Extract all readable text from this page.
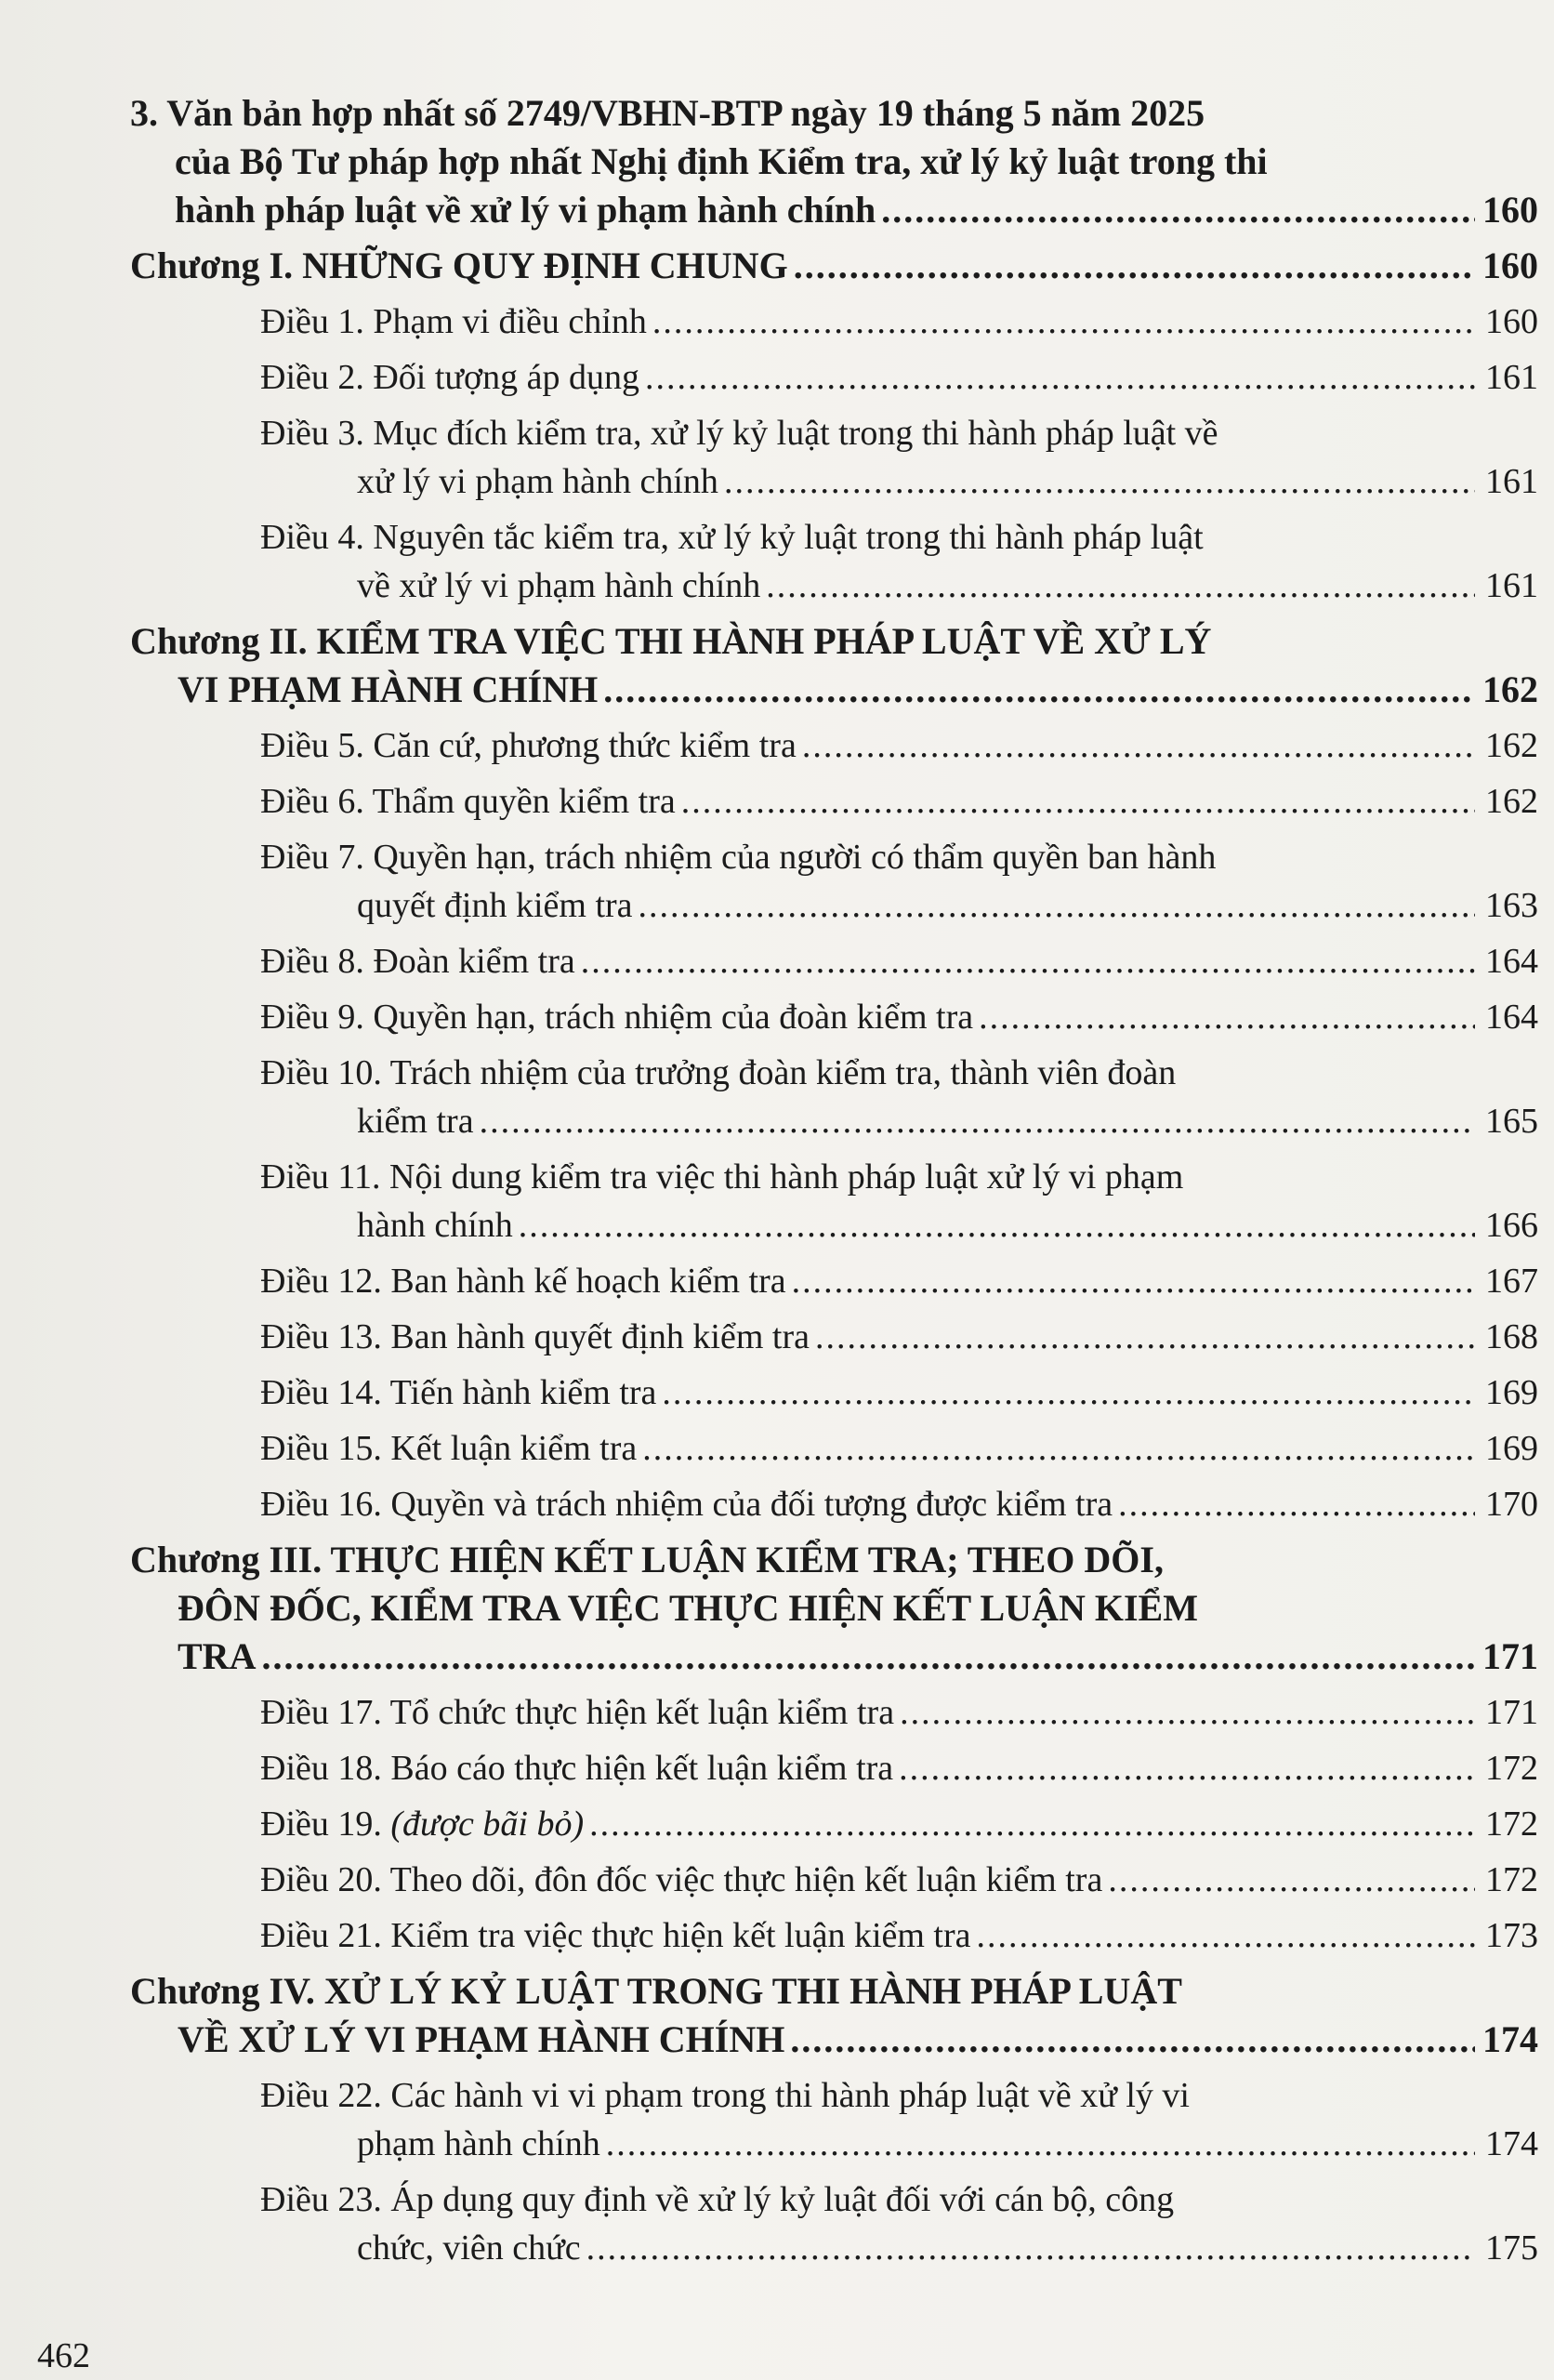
3. Văn bản hợp nhất số 2749/VBHN-BTP ngày 19 tháng 5 năm 2025
của Bộ Tư pháp hợp nhất Nghị định Kiểm tra, xử lý kỷ luật trong thi
hành pháp luật về xử lý vi phạm hành chính .....	160
Chương I. NHỮNG QUY ĐỊNH CHUNG .....	160
Điều 1. Phạm vi điều chỉnh .....	160
Điều 2. Đối tượng áp dụng .....	161
Điều 3. Mục đích kiểm tra, xử lý kỷ luật trong thi hành pháp luật về
xử lý vi phạm hành chính .....	161
Điều 4. Nguyên tắc kiểm tra, xử lý kỷ luật trong thi hành pháp luật
về xử lý vi phạm hành chính .....	161
Chương II. KIỂM TRA VIỆC THI HÀNH PHÁP LUẬT VỀ XỬ LÝ
VI PHẠM HÀNH CHÍNH .....	162
Điều 5. Căn cứ, phương thức kiểm tra .....	162
Điều 6. Thẩm quyền kiểm tra .....	162
Điều 7. Quyền hạn, trách nhiệm của người có thẩm quyền ban hành
quyết định kiểm tra .....	163
Điều 8. Đoàn kiểm tra .....	164
Điều 9. Quyền hạn, trách nhiệm của đoàn kiểm tra .....	164
Điều 10. Trách nhiệm của trưởng đoàn kiểm tra, thành viên đoàn
kiểm tra .....	165
Điều 11. Nội dung kiểm tra việc thi hành pháp luật xử lý vi phạm
hành chính .....	166
Điều 12. Ban hành kế hoạch kiểm tra .....	167
Điều 13. Ban hành quyết định kiểm tra .....	168
Điều 14. Tiến hành kiểm tra .....	169
Điều 15. Kết luận kiểm tra .....	169
Điều 16. Quyền và trách nhiệm của đối tượng được kiểm tra .....	170
Chương III. THỰC HIỆN KẾT LUẬN KIỂM TRA; THEO DÕI,
ĐÔN ĐỐC, KIỂM TRA VIỆC THỰC HIỆN KẾT LUẬN KIỂM
TRA .....	171
Điều 17. Tổ chức thực hiện kết luận kiểm tra .....	171
Điều 18. Báo cáo thực hiện kết luận kiểm tra .....	172
Điều 19. (được bãi bỏ) .....	172
Điều 20. Theo dõi, đôn đốc việc thực hiện kết luận kiểm tra .....	172
Điều 21. Kiểm tra việc thực hiện kết luận kiểm tra .....	173
Chương IV. XỬ LÝ KỶ LUẬT TRONG THI HÀNH PHÁP LUẬT
VỀ XỬ LÝ VI PHẠM HÀNH CHÍNH .....	174
Điều 22. Các hành vi vi phạm trong thi hành pháp luật về xử lý vi
phạm hành chính .....	174
Điều 23. Áp dụng quy định về xử lý kỷ luật đối với cán bộ, công
chức, viên chức .....	175
462
